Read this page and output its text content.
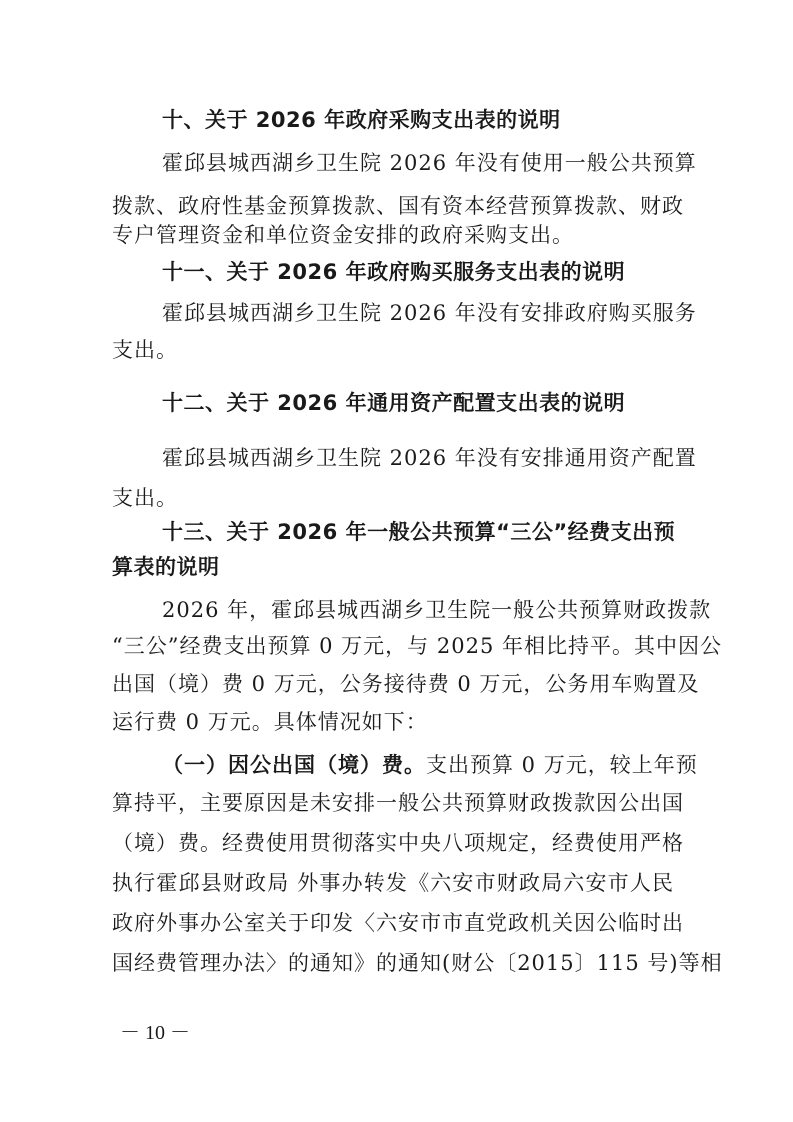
十、关于 2026 年政府采购支出表的说明
霍邱县城西湖乡卫生院 2026 年没有使用一般公共预算
拨款、政府性基金预算拨款、国有资本经营预算拨款、财政
专户管理资金和单位资金安排的政府采购支出。
十一、关于 2026 年政府购买服务支出表的说明
霍邱县城西湖乡卫生院 2026 年没有安排政府购买服务
支出。
十二、关于 2026 年通用资产配置支出表的说明
霍邱县城西湖乡卫生院 2026 年没有安排通用资产配置
支出。
十三、关于 2026 年一般公共预算“三公”经费支出预
算表的说明
2026 年，霍邱县城西湖乡卫生院一般公共预算财政拨款
“三公”经费支出预算 0 万元，与 2025 年相比持平。其中因公
出国（境）费 0 万元，公务接待费 0 万元，公务用车购置及
运行费 0 万元。具体情况如下：
（一）因公出国（境）费。支出预算 0 万元，较上年预
算持平，主要原因是未安排一般公共预算财政拨款因公出国
（境）费。经费使用贯彻落实中央八项规定，经费使用严格
执行霍邱县财政局 外事办转发《六安市财政局六安市人民
政府外事办公室关于印发〈六安市市直党政机关因公临时出
国经费管理办法〉的通知》的通知(财公〔2015〕115 号)等相
－ 10 －
